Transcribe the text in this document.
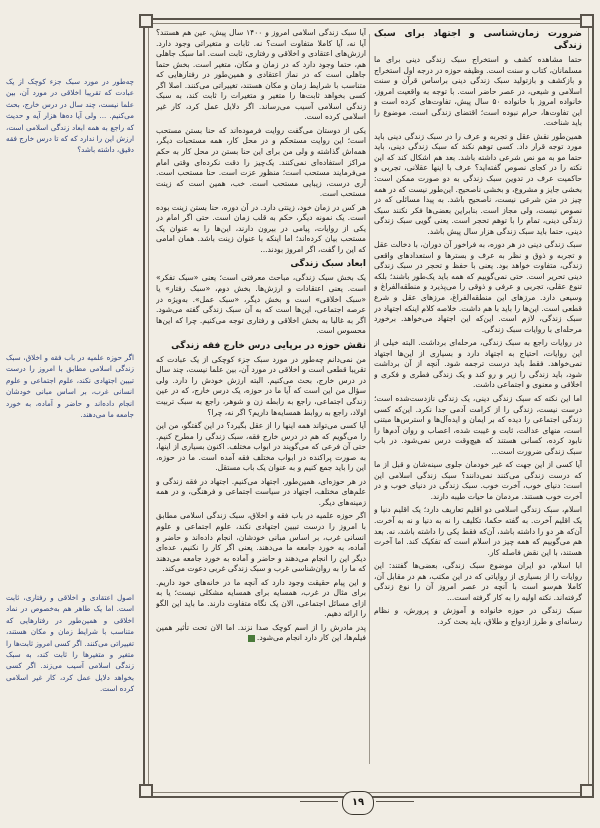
ضرورت زمان‌شناسی و اجتهاد برای سبک زندگی

حتما مشاهده کشف و استخراج سبک زندگی دینی برای ما مسلمانان، کتاب و سنت است. وظیفه حوزه در درجه اول استخراج و بازکشف و بازتولید سبک زندگی دینی براساس قرآن و سنت اسلامی و شیعی، در عصر حاضر است. با توجه به واقعیت امروز، خانواده امروز با خانواده ۵۰ سال پیش، تفاوت‌های کرده است و این تفاوت‌ها، حرام نبوده است؛ اقتضای زندگی است. موضوع را باید شناخت.

همین‌طور نقش عقل و تجربه و عرف را در سبک زندگی دینی باید مورد توجه قرار داد. کسی توهم نکند که سبک زندگی دینی، باید حتما مو به مو نص شرعی داشته باشد. بعد هم اشکال کند که این نکته را در کجای نصوص گفته‌اید؟ عرف با اینها عقلانی، تجربی و حاکمیت عرف در تدوین سبک زندگی به دو صورت ممکن است: بخشی جایز و مشروع، و بخشی ناصحیح. این‌طور نیست که در همه چیز در متن شرعی نیست، ناصحیح باشد. به پیدا مسائلی که در نصوص نیست، ولی مجاز است. بنابراین بعضی‌ها فکر نکنند سبک زندگی دینی، تمام را با توهم تحجر است. یعنی گویی سبک زندگی دینی، حتما باید سبک زندگی هزار سال پیش باشد.

سبک زندگی دینی در هر دوره، به فراخور آن دوران، با دخالت عقل و تجربه و ذوق و نظر به عرف و بسترها و استعدادهای واقعی زندگی، متفاوت خواهد بود. یعنی با حفظ و تحجر در سبک زندگی دینی تحریر است. حتی نمی‌گوییم که همه باید یک‌طور باشند؛ بلکه تنوع عقلی، تجربی و عرفی و ذوقی را می‌پذیرد و منطقه‌الفراغ و وسیعی دارد. مرزهای این منطقه‌الفراغ، مرزهای عقل و شرع قطعی است. این‌ها را باید با هم داشت. خلاصه کلام اینکه اجتهاد در سبک زندگی، لازم است. این‌که این اجتهاد می‌خواهد. برخورد مرحله‌ای با روایات سبک زندگی.

در روایات راجع به سبک زندگی، مرحله‌ای برداشت. البته خیلی از این روایات، احتیاج به اجتهاد دارد و بسیاری از این‌ها اجتهاد نمی‌خواهد. فقط باید درست ترجمه شود. آنچه از آن برداشت شود، باید زندگی را زیر و رو کند و یک زندگی فطری و فکری و اخلاقی و معنوی و اجتماعی داشت.

اما این نکته که سبک زندگی دینی، یک زندگی نازدست‌شده است؛ درست نیست، زندگی را از کرامت آدمی جدا نکرد. این‌که کسی زندگی اجتماعی را دیده که بر ایمان و ایده‌آل‌ها و استرس‌ها مبتنی است، منهای عدالت، ثابت و غیبت شده، اعصاب و روان آدم‌ها را نابود کرده، کسانی هستند که هیچ‌وقت درس نمی‌شود. در باب سبک زندگی ضرورت است...

آیا کسی از این جهت که غیر خودمان جلوی سینه‌شان و قبل از ما که درست زندگی می‌کنند نمی‌دانند؟ سبک زندگی اسلامی این است: دنیای خوب، آخرت خوب. سبک زندگی در دنیای خوب و در آخرت خوب هستند. مردمان ما حیات طیبه دارند.

اسلام، سبک زندگی اسلامی دو اقلیم تعاریف دارد؛ یک اقلیم دنیا و یک اقلیم آخرت. به گفته حکما، تکلیف را نه به دنیا و نه به آخرت. آن‌که هر دو را داشته باشد، آن‌که فقط یکی را داشته باشد، نه. بعد هم می‌گوییم که همه چیز در اسلام است که تفکیک کند. اما آخرت هستند، با این نقض فاصله کار.

ابا اسلام، دو ایران موضوع سبک زندگی، بعضی‌ها گفتند: این روایات را از بسیاری از روایاتی که در این مکتب، هم در مقابل آن، کاملا هم‌سو است با آنچه در عصر امروز آن را نوع زندگی گرفته‌اند. نکته اولیه را به کار گرفته است...

سبک زندگی در حوزه خانواده و آموزش و پرورش، و نظام رسانه‌ای و طرز ازدواج و طلاق، باید بحث کرد.

آیا سبک زندگی اسلامی امروز و ۱۴۰۰ سال پیش، عین هم هستند؟ آیا نه، آیا کاملا متفاوت است؟ نه. ثابات و متغیراتی وجود دارد. ارزش‌های اعتقادی و اخلاقی و رفتاری، ثابت است. اما سبک جاهلی هم، حتما وجود دارد که در زمان و مکان، متغیر است. بخش حتما جاهلی است که در نماز اعتقادی و همین‌طور در رفتارهایی که متناسب با شرایط زمان و مکان هستند، تغییراتی می‌کنند. اصلا اگر کسی بخواهد ثابت‌ها را متغیر و متغیرات را ثابت کند، به سبک زندگی اسلامی آسیب می‌رساند. اگر دلایل عمل کرد، کار غیر اسلامی کرده است.

یکی از دوستان می‌گفت روایت فرموده‌اند که حنا بستن مستحب است؛ این روایت مستحکم و در محل کار، همه مستحبات دیگر، همه‌اش گذاشته و ولی من برای این حنا بستن در محل کار به حکم مراکز استفاده‌ای نمی‌کنند. یک‌چیز را دقت نکرده‌ای وقتی امام می‌فرمایند مستحب است؛ منظور عزت است. حنا مستحب است. آری درست، زیبایی مستحب است. خب، همین است که زینت مستحب است.

هر کس در زمان خود، زینتی دارد. در آن دوره، حنا بستن زینت بوده است. یک نمونه دیگر، حکم به قلب زمان است. حتی اگر امام در یکی از روایات، پیامی در بیرون دارند، این‌ها را به عنوان یک مستحب بیان کرده‌اند؛ اما اینکه با عنوان زینت باشد. همان امامی که این را گفت، اگر امروز بودند...

ابعاد سبک زندگی

یک بخش سبک زندگی، مباحث معرفتی است؛ یعنی «سبک تفکر» است. یعنی اعتقادات و ارزش‌ها. بخش دوم، «سبک رفتار» یا «سبک اخلاقی» است و بخش دیگر، «سبک عمل». به‌ویژه در عرصه اجتماعی، این‌ها است که به آن سبک زندگی گفته می‌شود. اگر به غالبا به بخش اخلاقی و رفتاری توجه می‌کنیم. چرا که این‌ها محسوس است.

نقش حوزه در برپایی درس خارج فقه زندگی

من نمی‌دانم چه‌طور در مورد سبک جزء کوچکی از یک عبادت که تقریبا قطعی است و اخلاقی در مورد آن، بین علما نیست، چند سال در درس خارج، بحث می‌کنیم. البته ارزش خودش را دارد. ولی سؤال من این است که آیا ما در حوزه، یک درس خارج، که در عین زندگی اجتماعی، راجع به رابطه زن و شوهر، راجع به سبک تربیت اولاد، راجع به روابط همسایه‌ها داریم؟ اگر نه، چرا؟

آیا کسی می‌تواند همه اینها را از عقل بگیرد؟ در این گفتگو، من این را می‌گویم که هم در درس خارج فقه، سبک زندگی را مطرح کنیم. حتی آن فرعی که می‌گویند در ابواب مختلف. اکنون بسیاری از اینها، به صورت پراکنده در ابواب مختلف فقه آمده است. ما در حوزه، این را باید جمع کنیم و به عنوان یک باب مستقل.

در هر حوزه‌ای، همین‌طور. اجتهاد می‌کنیم. اجتهاد در فقه زندگی و علم‌های مختلف، اجتهاد در سیاست اجتماعی و فرهنگی، و در همه زمینه‌های دیگر.

اگر حوزه علمیه در باب فقه و اخلاق، سبک زندگی اسلامی مطابق با امروز را درست تبیین اجتهادی نکند، علوم اجتماعی و علوم انسانی غرب، بر اساس مبانی خودشان، انجام داده‌اند و حاضر و آماده، به خورد جامعه ما می‌دهند. یعنی اگر کار را نکنیم، عده‌ای دیگر این را انجام می‌دهند و حاضر و آماده به خورد جامعه می‌دهند که ما را به روان‌شناسی غرب و سبک زندگی غربی دعوت می‌کند.

و این پیام حقیقت وجود دارد که آنچه ما در خانه‌های خود داریم. برای مثال در غرب، همسایه برای همسایه مشکلی نیست؛ یا به ازای مسائل اجتماعی، الان یک نگاه متفاوت دارند. ما باید این الگو را ارائه دهیم.

پدر مادرش را از اسم کوچک صدا نزند. اما الان تحت تأثیر همین فیلم‌ها، این کار دارد انجام می‌شود.

چه‌طور در مورد سبک جزء کوچک از یک عبادت که تقریبا اخلاقی در مورد آن، بین علما نیست، چند سال در درس خارج، بحث می‌کنیم. ... ولی آیا ده‌ها هزار آیه و حدیث که راجع به همه ابعاد زندگی اسلامی است، ارزش این را ندارد که که تا درس خارج فقه دقیق، داشته باشد؟
اگر حوزه علمیه در باب فقه و اخلاق، سبک زندگی اسلامی مطابق با امروز را درست تبیین اجتهادی نکند، علوم اجتماعی و علوم انسانی غرب، بر اساس مبانی خودشان انجام داده‌اند و حاضر و آماده، به خورد جامعه ما می‌دهند.
اصول اعتقادی و اخلاقی و رفتاری، ثابت است. اما یک طاهر هم به‌خصوص در نماد اخلاقی و همین‌طور در رفتارهایی که متناسب با شرایط زمان و مکان هستند، تغییراتی می‌کنند. اگر کسی امروز ثابت‌ها را متغیر و متغیرها را ثابت کند، به سبک زندگی اسلامی آسیب می‌زند. اگر کسی بخواهد دلایل عمل کرد، کار غیر اسلامی کرده است.
١٩
